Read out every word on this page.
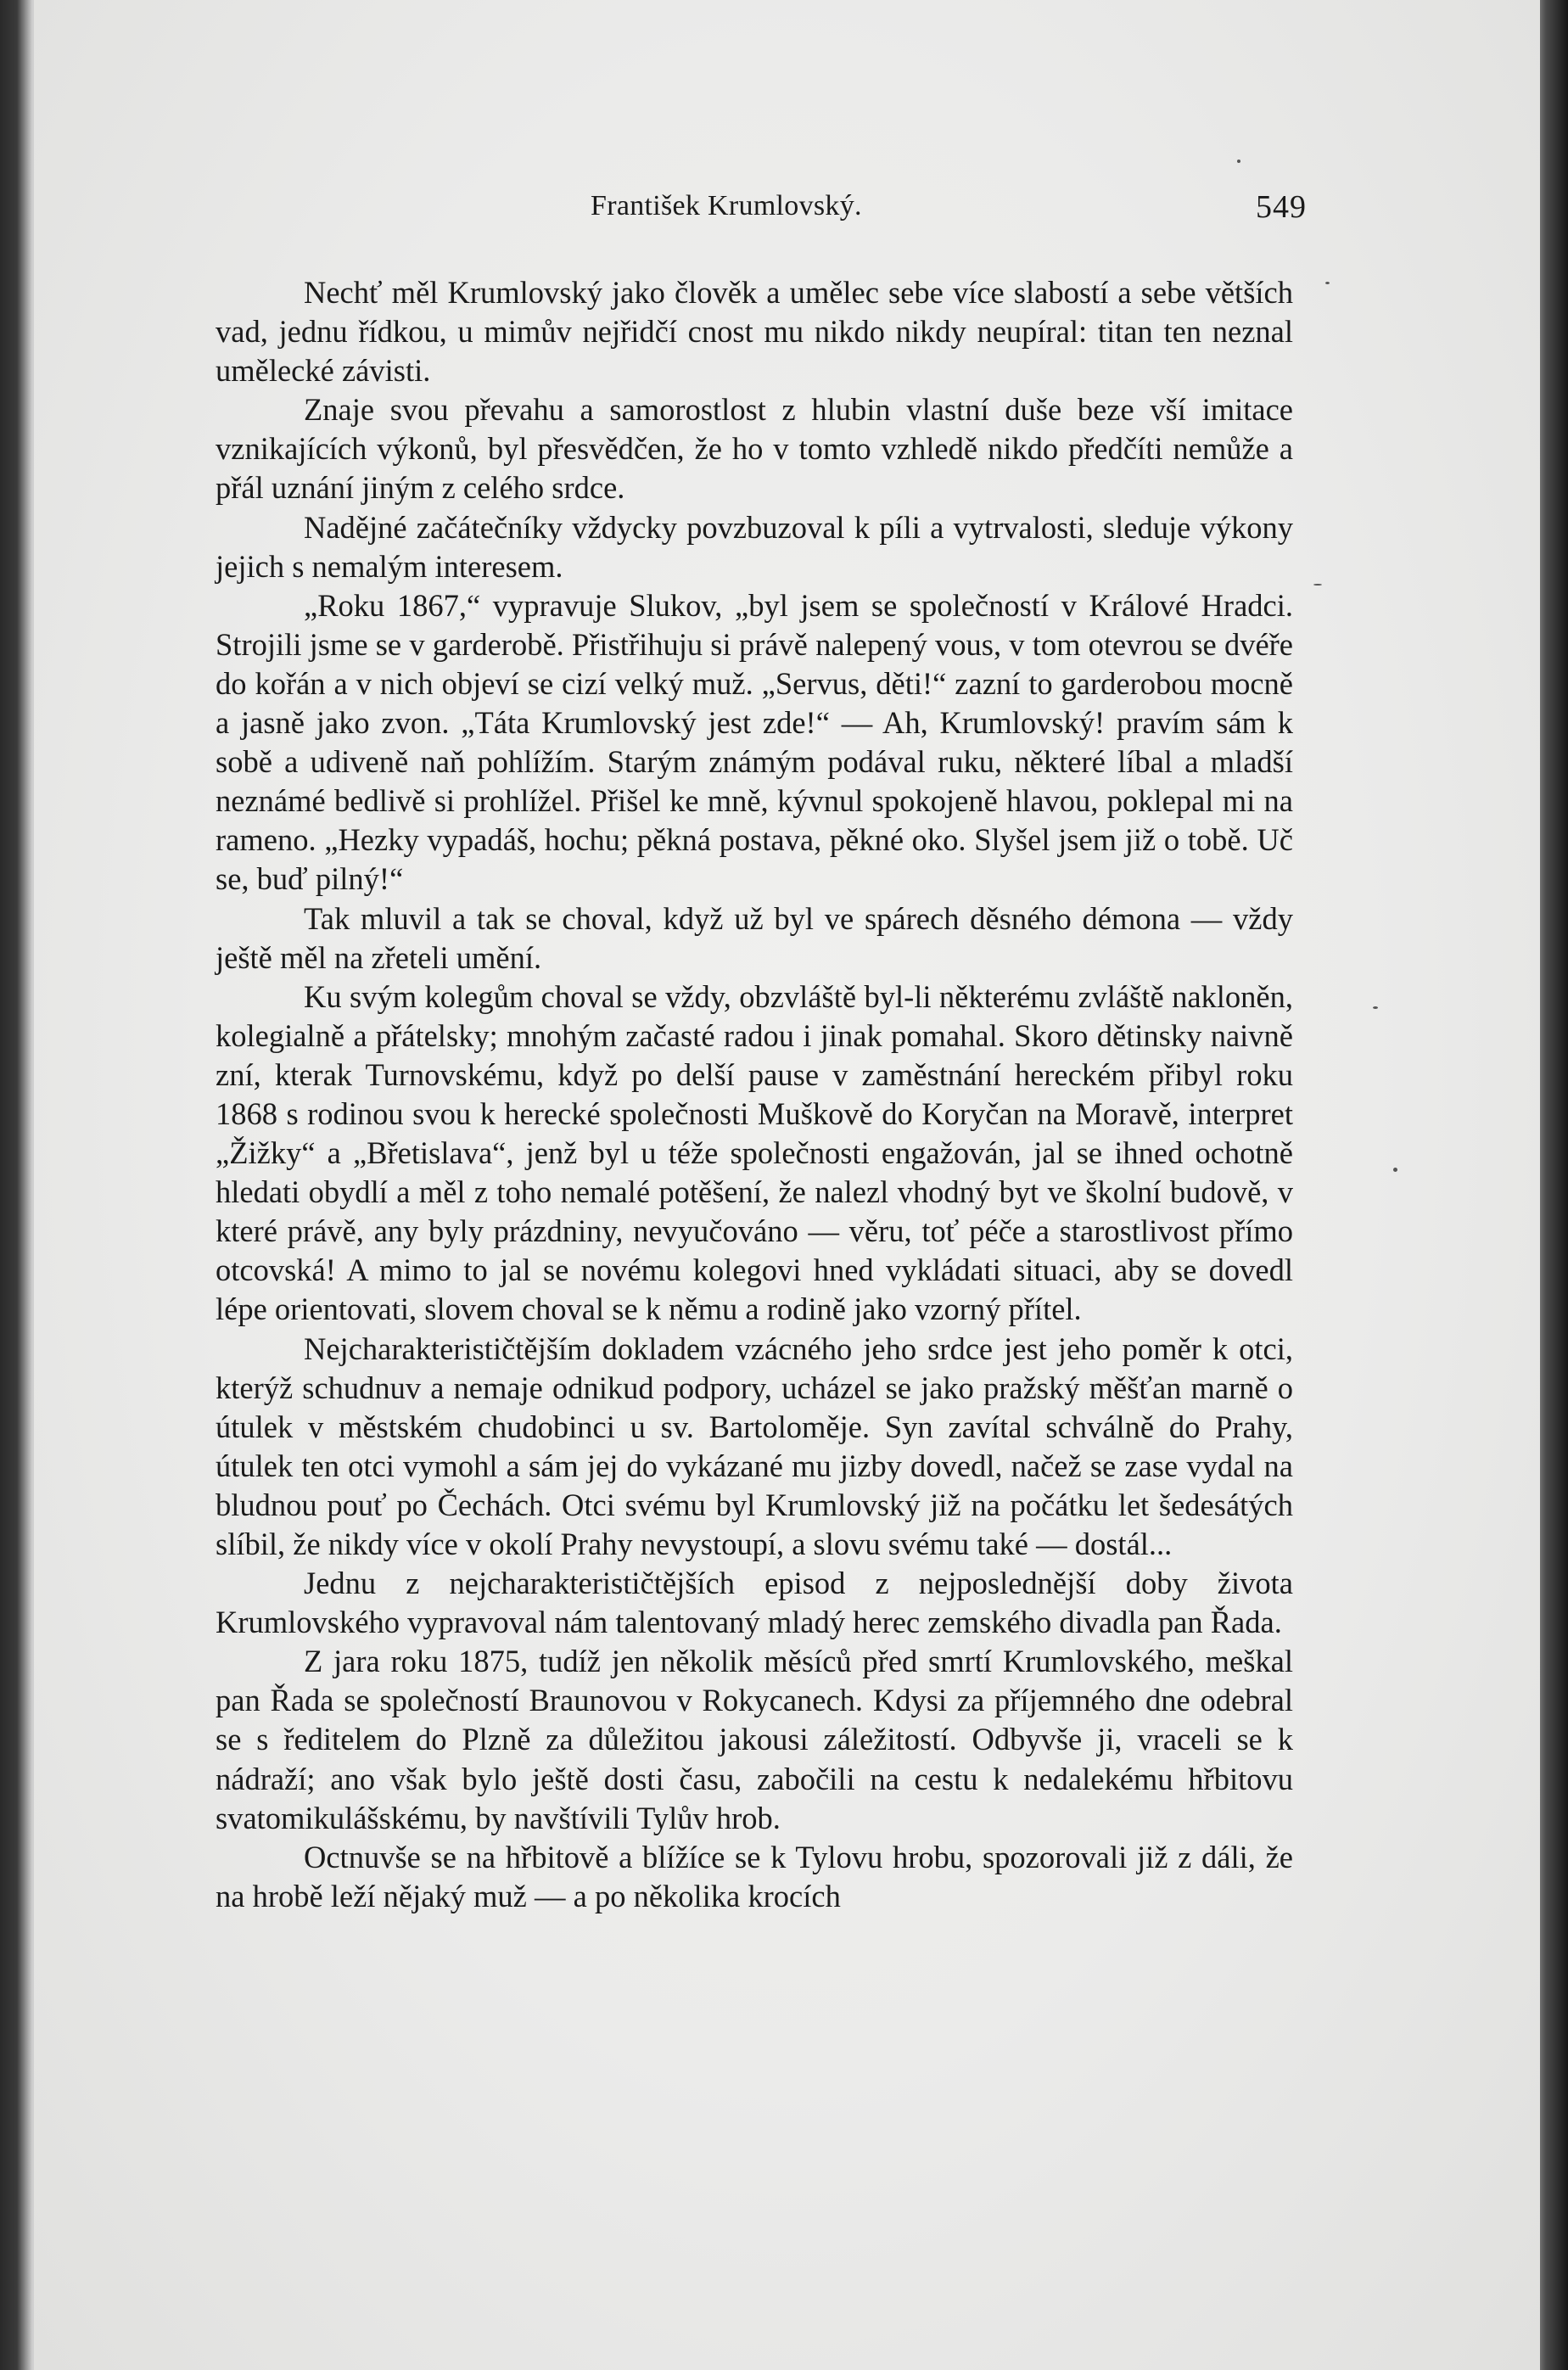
František Krumlovský.	549

Nechť měl Krumlovský jako člověk a umělec sebe více slabostí a sebe větších vad, jednu řídkou, u mimův nejřidčí cnost mu nikdo nikdy neupíral: titan ten neznal umělecké závisti.

Znaje svou převahu a samorostlost z hlubin vlastní duše beze vší imitace vznikajících výkonů, byl přesvědčen, že ho v tomto vzhledě nikdo předčíti nemůže a přál uznání jiným z celého srdce.

Nadějné začátečníky vždycky povzbuzoval k píli a vytrvalosti, sleduje výkony jejich s nemalým interesem.

„Roku 1867,“ vypravuje Slukov, „byl jsem se společností v Králové Hradci. Strojili jsme se v garderobě. Přistřihuju si právě nalepený vous, v tom otevrou se dvéře do kořán a v nich objeví se cizí velký muž. „Servus, děti!“ zazní to garderobou mocně a jasně jako zvon. „Táta Krumlovský jest zde!“ — Ah, Krumlovský! pravím sám k sobě a udiveně naň pohlížím. Starým známým podával ruku, některé líbal a mladší neznámé bedlivě si prohlížel. Přišel ke mně, kývnul spokojeně hlavou, poklepal mi na rameno. „Hezky vypadáš, hochu; pěkná postava, pěkné oko. Slyšel jsem již o tobě. Uč se, buď pilný!“

Tak mluvil a tak se choval, když už byl ve spárech děsného démona — vždy ještě měl na zřeteli umění.

Ku svým kolegům choval se vždy, obzvláště byl-li některému zvláště nakloněn, kolegialně a přátelsky; mnohým začasté radou i jinak pomahal. Skoro dětinsky naivně zní, kterak Turnovskému, když po delší pause v zaměstnání hereckém přibyl roku 1868 s rodinou svou k herecké společnosti Muškově do Koryčan na Moravě, interpret „Žižky“ a „Břetislava“, jenž byl u téže společnosti engažován, jal se ihned ochotně hledati obydlí a měl z toho nemalé potěšení, že nalezl vhodný byt ve školní budově, v které právě, any byly prázdniny, nevyučováno — věru, toť péče a starostlivost přímo otcovská! A mimo to jal se novému kolegovi hned vykládati situaci, aby se dovedl lépe orientovati, slovem choval se k němu a rodině jako vzorný přítel.

Nejcharakterističtějším dokladem vzácného jeho srdce jest jeho poměr k otci, kterýž schudnuv a nemaje odnikud podpory, ucházel se jako pražský měšťan marně o útulek v městském chudobinci u sv. Bartoloměje. Syn zavítal schválně do Prahy, útulek ten otci vymohl a sám jej do vykázané mu jizby dovedl, načež se zase vydal na bludnou pouť po Čechách. Otci svému byl Krumlovský již na počátku let šedesátých slíbil, že nikdy více v okolí Prahy nevystoupí, a slovu svému také — dostál...

Jednu z nejcharakterističtějších episod z nejposlednější doby života Krumlovského vypravoval nám talentovaný mladý herec zemského divadla pan Řada.

Z jara roku 1875, tudíž jen několik měsíců před smrtí Krumlovského, meškal pan Řada se společností Braunovou v Rokycanech. Kdysi za příjemného dne odebral se s ředitelem do Plzně za důležitou jakousi záležitostí. Odbyvše ji, vraceli se k nádraží; ano však bylo ještě dosti času, zabočili na cestu k nedalekému hřbitovu svatomikulášskému, by navštívili Tylův hrob.

Octnuvše se na hřbitově a blížíce se k Tylovu hrobu, spozorovali již z dáli, že na hrobě leží nějaký muž — a po několika krocích
